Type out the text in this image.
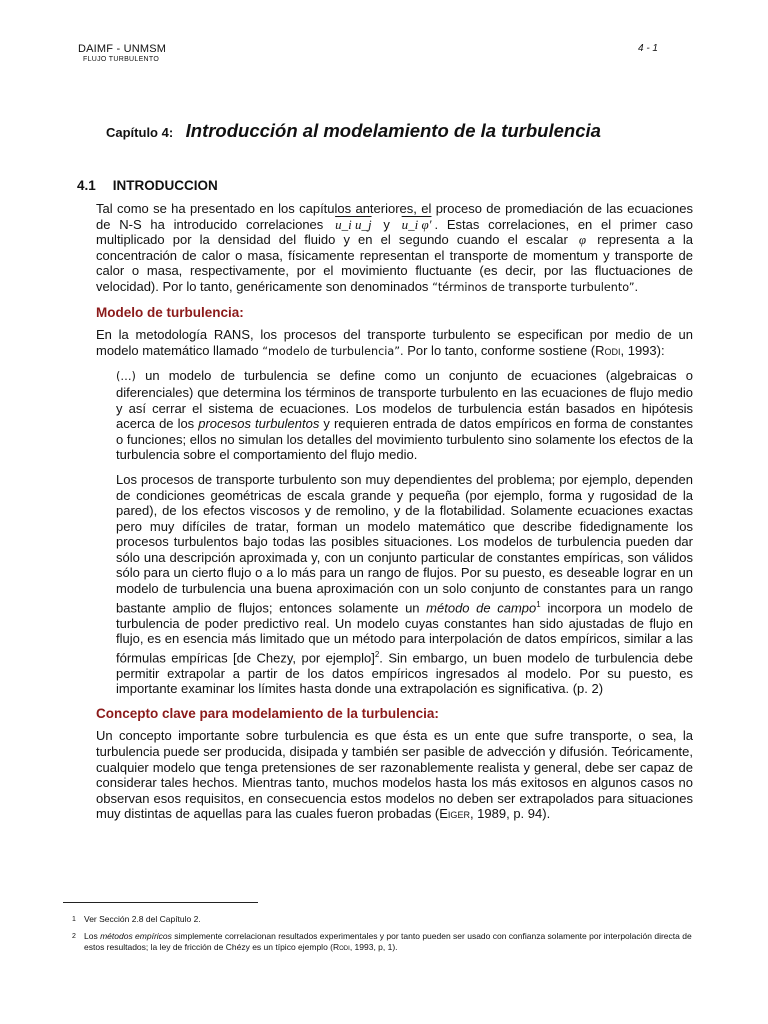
DAIMF - UNMSM
FLUJO TURBULENTO
4 - 1
Capítulo 4: Introducción al modelamiento de la turbulencia
4.1 INTRODUCCION

Tal como se ha presentado en los capítulos anteriores, el proceso de promediación de las ecuaciones de N-S ha introducido correlaciones u_i u_j y u_i φ' . Estas correlaciones, en el primer caso multiplicado por la densidad del fluido y en el segundo cuando el escalar φ representa a la concentración de calor o masa, físicamente representan el transporte de momentum y transporte de calor o masa, respectivamente, por el movimiento fluctuante (es decir, por las fluctuaciones de velocidad). Por lo tanto, genéricamente son denominados “términos de transporte turbulento”.

Modelo de turbulencia:

En la metodología RANS, los procesos del transporte turbulento se especifican por medio de un modelo matemático llamado “modelo de turbulencia”. Por lo tanto, conforme sostiene (Rodi, 1993):

(…) un modelo de turbulencia se define como un conjunto de ecuaciones (algebraicas o diferenciales) que determina los términos de transporte turbulento en las ecuaciones de flujo medio y así cerrar el sistema de ecuaciones. Los modelos de turbulencia están basados en hipótesis acerca de los procesos turbulentos y requieren entrada de datos empíricos en forma de constantes o funciones; ellos no simulan los detalles del movimiento turbulento sino solamente los efectos de la turbulencia sobre el comportamiento del flujo medio.

Los procesos de transporte turbulento son muy dependientes del problema; por ejemplo, dependen de condiciones geométricas de escala grande y pequeña (por ejemplo, forma y rugosidad de la pared), de los efectos viscosos y de remolino, y de la flotabilidad. Solamente ecuaciones exactas pero muy difíciles de tratar, forman un modelo matemático que describe fidedignamente los procesos turbulentos bajo todas las posibles situaciones. Los modelos de turbulencia pueden dar sólo una descripción aproximada y, con un conjunto particular de constantes empíricas, son válidos sólo para un cierto flujo o a lo más para un rango de flujos. Por su puesto, es deseable lograr en un modelo de turbulencia una buena aproximación con un solo conjunto de constantes para un rango bastante amplio de flujos; entonces solamente un método de campo$^1$ incorpora un modelo de turbulencia de poder predictivo real. Un modelo cuyas constantes han sido ajustadas de flujo en flujo, es en esencia más limitado que un método para interpolación de datos empíricos, similar a las fórmulas empíricas [de Chezy, por ejemplo]$^2$. Sin embargo, un buen modelo de turbulencia debe permitir extrapolar a partir de los datos empíricos ingresados al modelo. Por su puesto, es importante examinar los límites hasta donde una extrapolación es significativa. (p. 2)

Concepto clave para modelamiento de la turbulencia:

Un concepto importante sobre turbulencia es que ésta es un ente que sufre transporte, o sea, la turbulencia puede ser producida, disipada y también ser pasible de advección y difusión. Teóricamente, cualquier modelo que tenga pretensiones de ser razonablemente realista y general, debe ser capaz de considerar tales hechos. Mientras tanto, muchos modelos hasta los más exitosos en algunos casos no observan esos requisitos, en consecuencia estos modelos no deben ser extrapolados para situaciones muy distintas de aquellas para las cuales fueron probadas (Eiger, 1989, p. 94).

1 Ver Sección 2.8 del Capítulo 2.
2 Los métodos empíricos simplemente correlacionan resultados experimentales y por tanto pueden ser usado con confianza solamente por interpolación directa de estos resultados; la ley de fricción de Chézy es un típico ejemplo (Rodi, 1993, p, 1).
